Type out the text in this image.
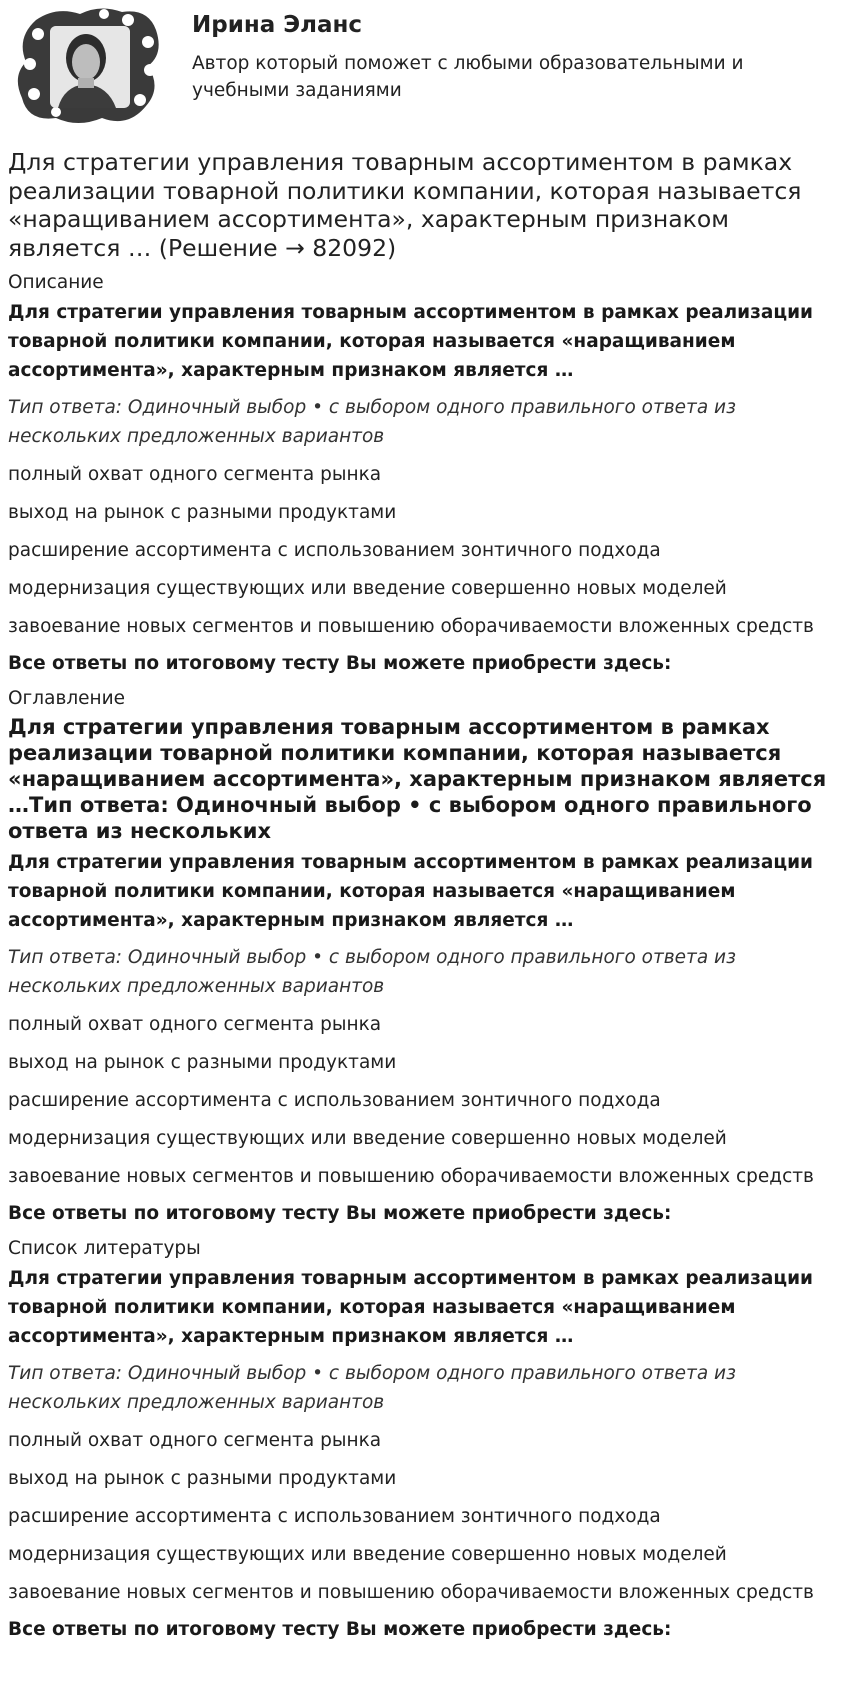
Ирина Эланс
Автор который поможет с любыми образовательными и учебными заданиями
Для стратегии управления товарным ассортиментом в рамках реализации товарной политики компании, которая называется «наращиванием ассортимента», характерным признаком является … (Решение → 82092)
Описание
Для стратегии управления товарным ассортиментом в рамках реализации товарной политики компании, которая называется «наращиванием ассортимента», характерным признаком является …
Тип ответа: Одиночный выбор • с выбором одного правильного ответа из нескольких предложенных вариантов
полный охват одного сегмента рынка
выход на рынок с разными продуктами
расширение ассортимента с использованием зонтичного подхода
модернизация существующих или введение совершенно новых моделей
завоевание новых сегментов и повышению оборачиваемости вложенных средств
Все ответы по итоговому тесту Вы можете приобрести здесь:
Оглавление
Для стратегии управления товарным ассортиментом в рамках реализации товарной политики компании, которая называется «наращиванием ассортимента», характерным признаком является …Тип ответа: Одиночный выбор • с выбором одного правильного ответа из нескольких
Для стратегии управления товарным ассортиментом в рамках реализации товарной политики компании, которая называется «наращиванием ассортимента», характерным признаком является …
Тип ответа: Одиночный выбор • с выбором одного правильного ответа из нескольких предложенных вариантов
полный охват одного сегмента рынка
выход на рынок с разными продуктами
расширение ассортимента с использованием зонтичного подхода
модернизация существующих или введение совершенно новых моделей
завоевание новых сегментов и повышению оборачиваемости вложенных средств
Все ответы по итоговому тесту Вы можете приобрести здесь:
Список литературы
Для стратегии управления товарным ассортиментом в рамках реализации товарной политики компании, которая называется «наращиванием ассортимента», характерным признаком является …
Тип ответа: Одиночный выбор • с выбором одного правильного ответа из нескольких предложенных вариантов
полный охват одного сегмента рынка
выход на рынок с разными продуктами
расширение ассортимента с использованием зонтичного подхода
модернизация существующих или введение совершенно новых моделей
завоевание новых сегментов и повышению оборачиваемости вложенных средств
Все ответы по итоговому тесту Вы можете приобрести здесь:
